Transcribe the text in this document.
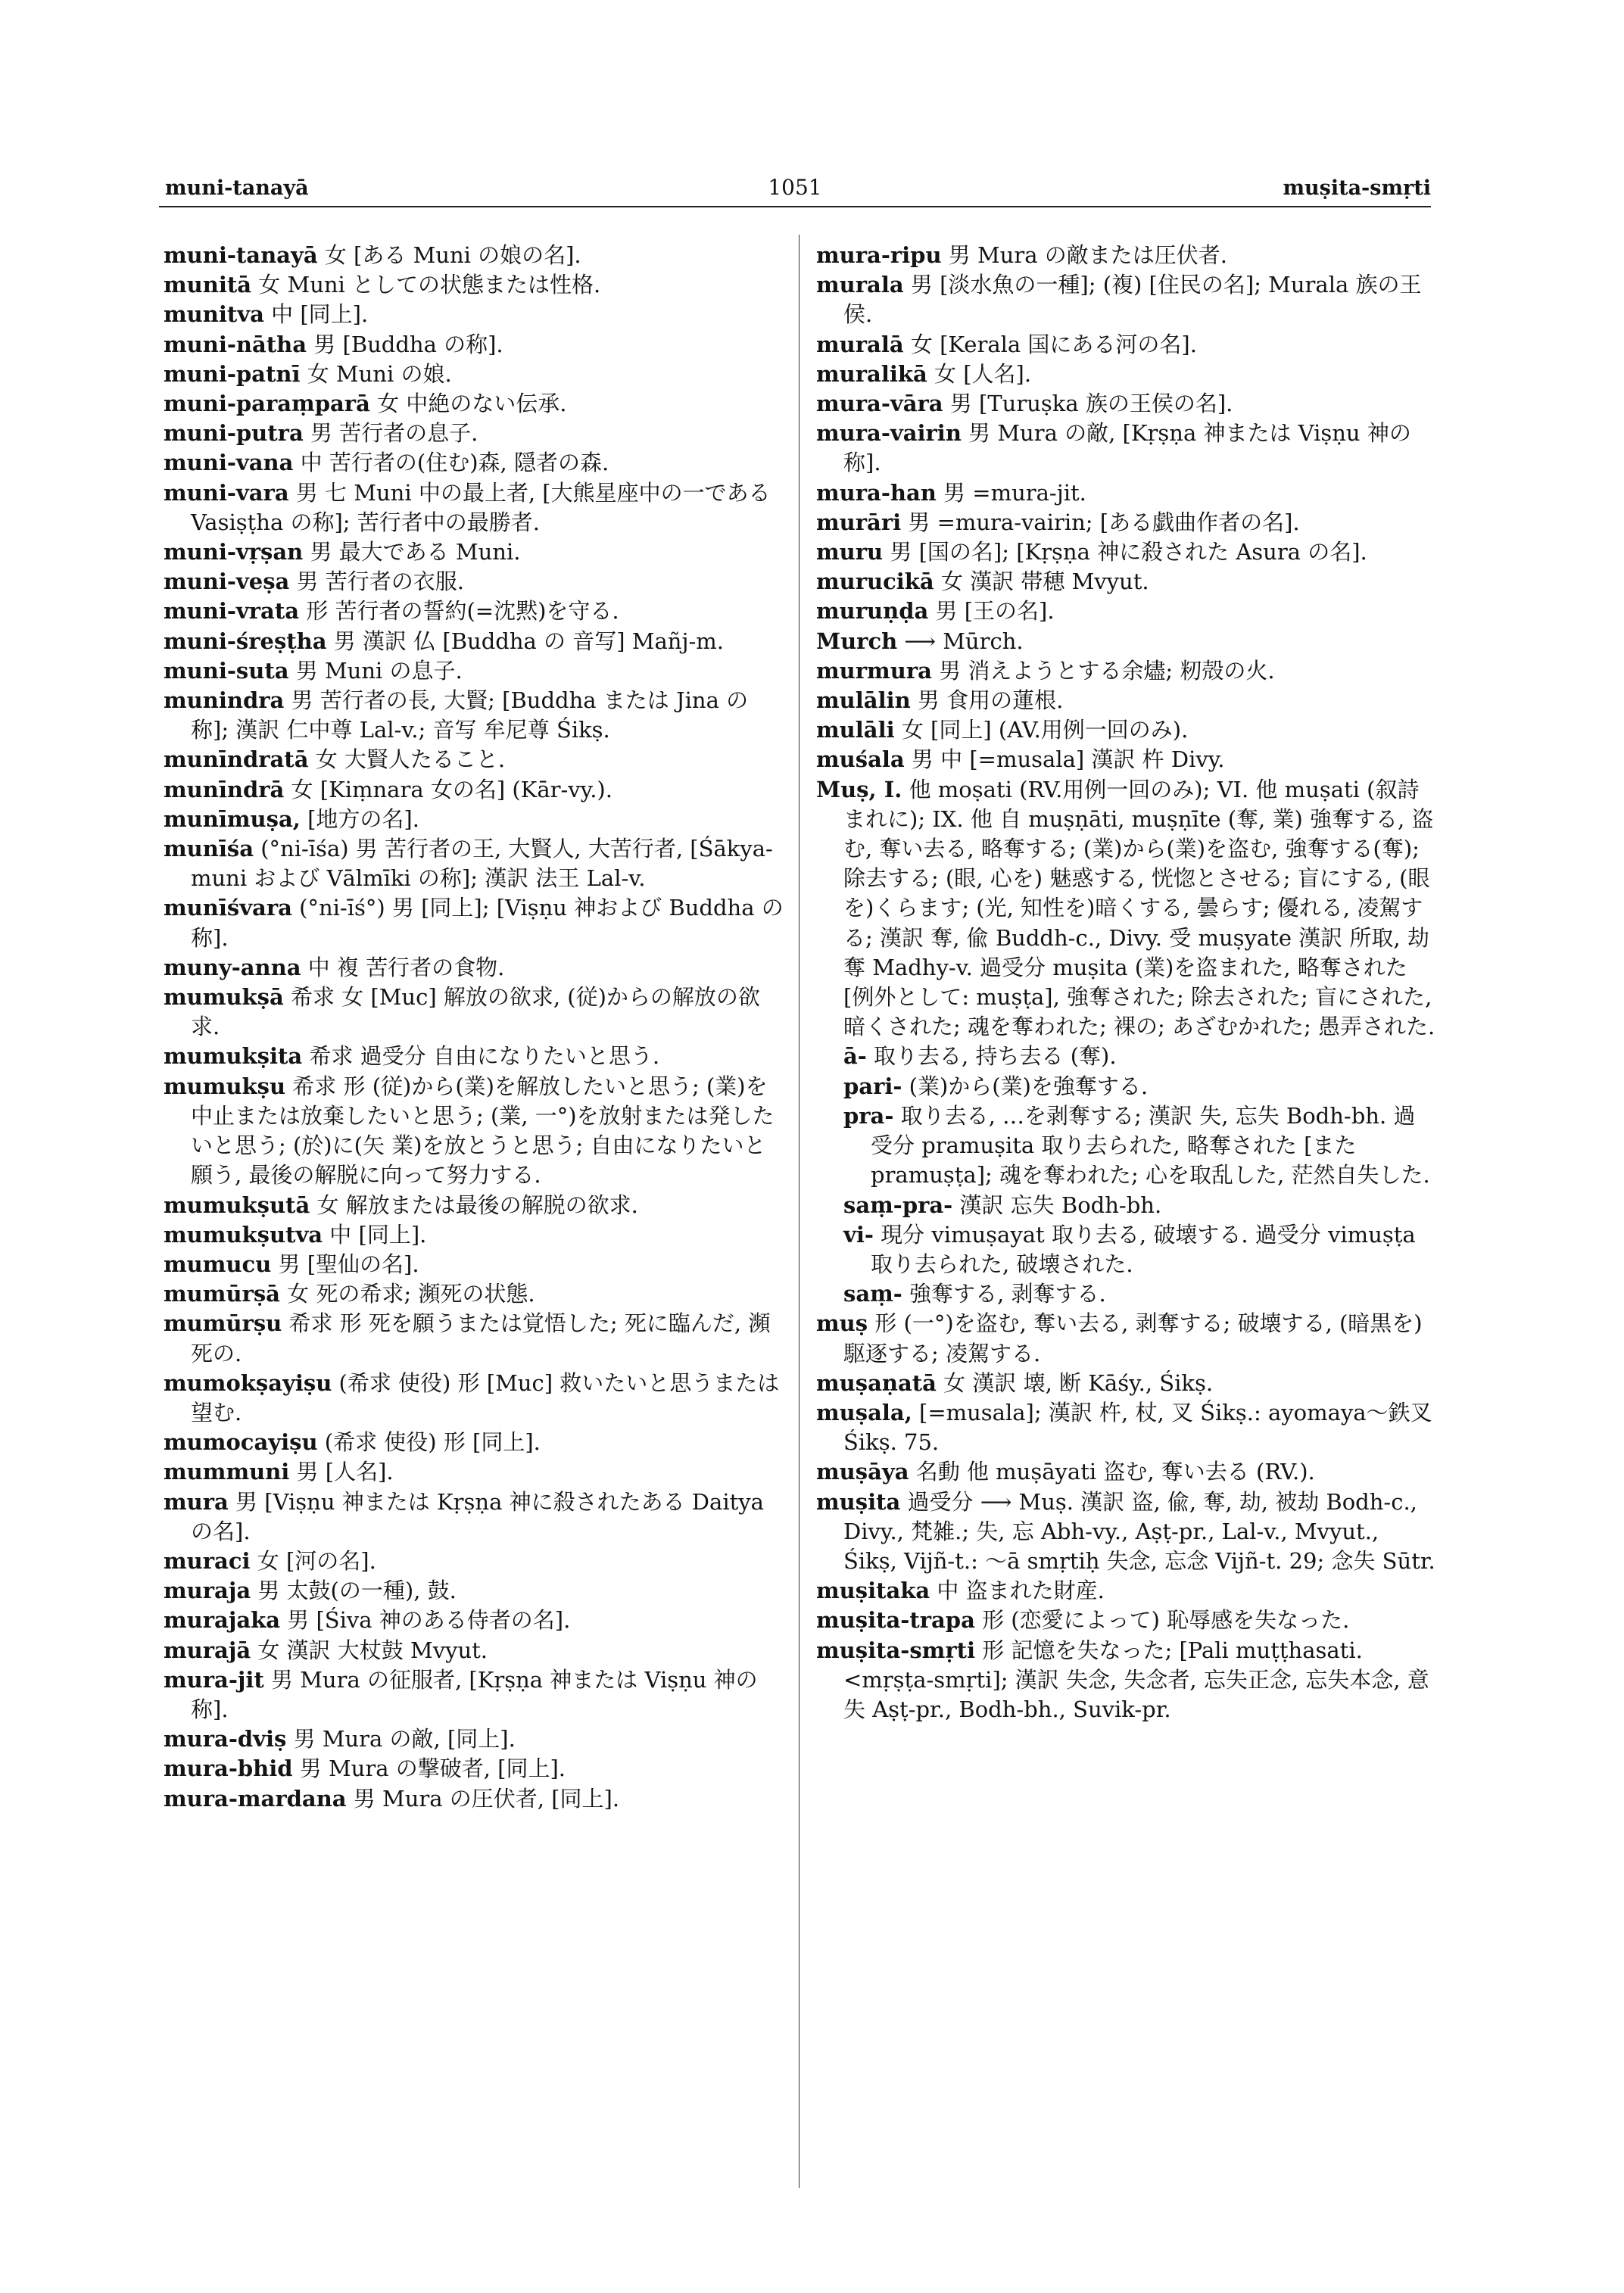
muni-tanayā	1051	muṣita-smṛti

muni-tanayā 女 [ある Muni の娘の名].

munitā 女 Muni としての状態または性格.

munitva 中 [同上].

muni-nātha 男 [Buddha の称].

muni-patnī 女 Muni の娘.

muni-paraṃparā 女 中絶のない伝承.

muni-putra 男 苦行者の息子.

muni-vana 中 苦行者の(住む)森, 隠者の森.

muni-vara 男 七 Muni 中の最上者, [大熊星座中の一である Vasiṣṭha の称]; 苦行者中の最勝者.

muni-vṛṣan 男 最大である Muni.

muni-veṣa 男 苦行者の衣服.

muni-vrata 形 苦行者の誓約(=沈黙)を守る.

muni-śreṣṭha 男 漢訳 仏 [Buddha の 音写] Mañj-m.

muni-suta 男 Muni の息子.

munindra 男 苦行者の長, 大賢; [Buddha または Jina の称]; 漢訳 仁中尊 Lal-v.; 音写 牟尼尊 Śikṣ.

munīndratā 女 大賢人たること.

munīndrā 女 [Kiṃnara 女の名] (Kār-vy.).

munīmuṣa, [地方の名].

munīśa (°ni-īśa) 男 苦行者の王, 大賢人, 大苦行者, [Śākya-muni および Vālmīki の称]; 漢訳 法王 Lal-v.

munīśvara (°ni-īś°) 男 [同上]; [Viṣṇu 神および Buddha の称].

muny-anna 中 複 苦行者の食物.

mumukṣā 希求 女 [Muc] 解放の欲求, (従)からの解放の欲求.

mumukṣita 希求 過受分 自由になりたいと思う.

mumukṣu 希求 形 (従)から(業)を解放したいと思う; (業)を中止または放棄したいと思う; (業, 一°)を放射または発したいと思う; (於)に(矢 業)を放とうと思う; 自由になりたいと願う, 最後の解脱に向って努力する.

mumukṣutā 女 解放または最後の解脱の欲求.

mumukṣutva 中 [同上].

mumucu 男 [聖仙の名].

mumūrṣā 女 死の希求; 瀕死の状態.

mumūrṣu 希求 形 死を願うまたは覚悟した; 死に臨んだ, 瀕死の.

mumokṣayiṣu (希求 使役) 形 [Muc] 救いたいと思うまたは望む.

mumocayiṣu (希求 使役) 形 [同上].

mummuni 男 [人名].

mura 男 [Viṣṇu 神または Kṛṣṇa 神に殺されたある Daitya の名].

muraci 女 [河の名].

muraja 男 太鼓(の一種), 鼓.

murajaka 男 [Śiva 神のある侍者の名].

murajā 女 漢訳 大杖鼓 Mvyut.

mura-jit 男 Mura の征服者, [Kṛṣṇa 神または Viṣṇu 神の称].

mura-dviṣ 男 Mura の敵, [同上].

mura-bhid 男 Mura の撃破者, [同上].

mura-mardana 男 Mura の圧伏者, [同上].

mura-ripu 男 Mura の敵または圧伏者.

murala 男 [淡水魚の一種]; (複) [住民の名]; Murala 族の王侯.

muralā 女 [Kerala 国にある河の名].

muralikā 女 [人名].

mura-vāra 男 [Turuṣka 族の王侯の名].

mura-vairin 男 Mura の敵, [Kṛṣṇa 神または Viṣṇu 神の称].

mura-han 男 =mura-jit.

murāri 男 =mura-vairin; [ある戯曲作者の名].

muru 男 [国の名]; [Kṛṣṇa 神に殺された Asura の名].

murucikā 女 漢訳 帯穂 Mvyut.

muruṇḍa 男 [王の名].

Murch ⟶ Mūrch.

murmura 男 消えようとする余燼; 籾殻の火.

mulālin 男 食用の蓮根.

mulāli 女 [同上] (AV.用例一回のみ).

muśala 男 中 [=musala] 漢訳 杵 Divy.

Muṣ, I. 他 moṣati (RV.用例一回のみ); VI. 他 muṣati (叙詩 まれに); IX. 他 自 muṣṇāti, muṣṇīte (奪, 業) 強奪する, 盗む, 奪い去る, 略奪する; (業)から(業)を盗む, 強奪する(奪); 除去する; (眼, 心を) 魅惑する, 恍惚とさせる; 盲にする, (眼を)くらます; (光, 知性を)暗くする, 曇らす; 優れる, 凌駕する; 漢訳 奪, 偸 Buddh-c., Divy. 受 muṣyate 漢訳 所取, 劫奪 Madhy-v. 過受分 muṣita (業)を盗まれた, 略奪された [例外として: muṣṭa], 強奪された; 除去された; 盲にされた, 暗くされた; 魂を奪われた; 裸の; あざむかれた; 愚弄された.

ā- 取り去る, 持ち去る (奪).

pari- (業)から(業)を強奪する.

pra- 取り去る, …を剥奪する; 漢訳 失, 忘失 Bodh-bh. 過受分 pramuṣita 取り去られた, 略奪された [また pramuṣṭa]; 魂を奪われた; 心を取乱した, 茫然自失した.

saṃ-pra- 漢訳 忘失 Bodh-bh.

vi- 現分 vimuṣayat 取り去る, 破壊する. 過受分 vimuṣṭa 取り去られた, 破壊された.

saṃ- 強奪する, 剥奪する.

muṣ 形 (一°)を盗む, 奪い去る, 剥奪する; 破壊する, (暗黒を) 駆逐する; 凌駕する.

muṣaṇatā 女 漢訳 壊, 断 Kāśy., Śikṣ.

muṣala, [=musala]; 漢訳 杵, 杖, 叉 Śikṣ.: ayomaya〜鉄叉 Śikṣ. 75.

muṣāya 名動 他 muṣāyati 盗む, 奪い去る (RV.).

muṣita 過受分 ⟶ Muṣ. 漢訳 盗, 偸, 奪, 劫, 被劫 Bodh-c., Divy., 梵雑.; 失, 忘 Abh-vy., Aṣṭ-pr., Lal-v., Mvyut., Śikṣ, Vijñ-t.: 〜ā smṛtiḥ 失念, 忘念 Vijñ-t. 29; 念失 Sūtr.

muṣitaka 中 盗まれた財産.

muṣita-trapa 形 (恋愛によって) 恥辱感を失なった.

muṣita-smṛti 形 記憶を失なった; [Pali muṭṭhasati.<mṛṣṭa-smṛti]; 漢訳 失念, 失念者, 忘失正念, 忘失本念, 意失 Aṣṭ-pr., Bodh-bh., Suvik-pr.
